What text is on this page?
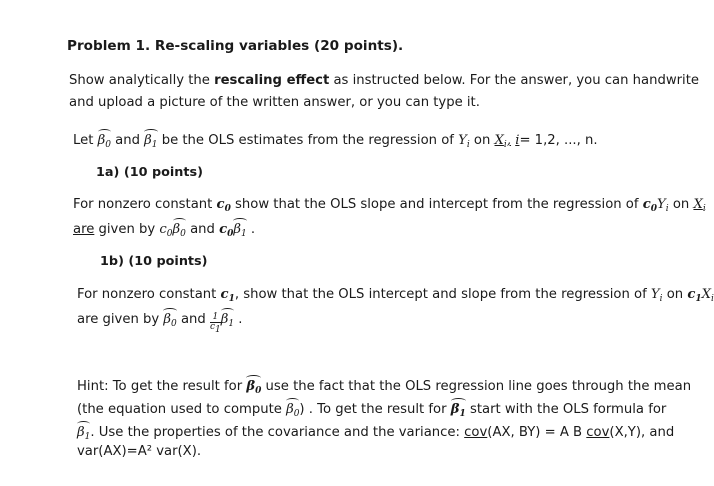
Problem 1. Re-scaling variables (20 points).
Show analytically the rescaling effect as instructed below. For the answer, you can handwrite
and upload a picture of the written answer, or you can type it.
Let $\beta_0$ and $\beta_1$ be the OLS estimates from the regression of $Y_i$ on $X_i$, i= 1,2, ..., n.
1a) (10 points)
For nonzero constant $c_0$ show that the OLS slope and intercept from the regression of $c_0Y_i$ on $X_i$
are given by $c_0\beta_0$ and $c_0\beta_1$ .
1b) (10 points)
For nonzero constant $c_1$, show that the OLS intercept and slope from the regression of $Y_i$ on $c_1X_i$
are given by $\beta_0$ and $\frac{1}{c_1} \beta_1$ .
Hint: To get the result for $\beta_0$ use the fact that the OLS regression line goes through the mean
(the equation used to compute $\beta_0$) . To get the result for $\beta_1$ start with the OLS formula for
$\beta_1$. Use the properties of the covariance and the variance: cov(AX, BY) = A B cov(X,Y), and
var(AX)=A² var(X).
